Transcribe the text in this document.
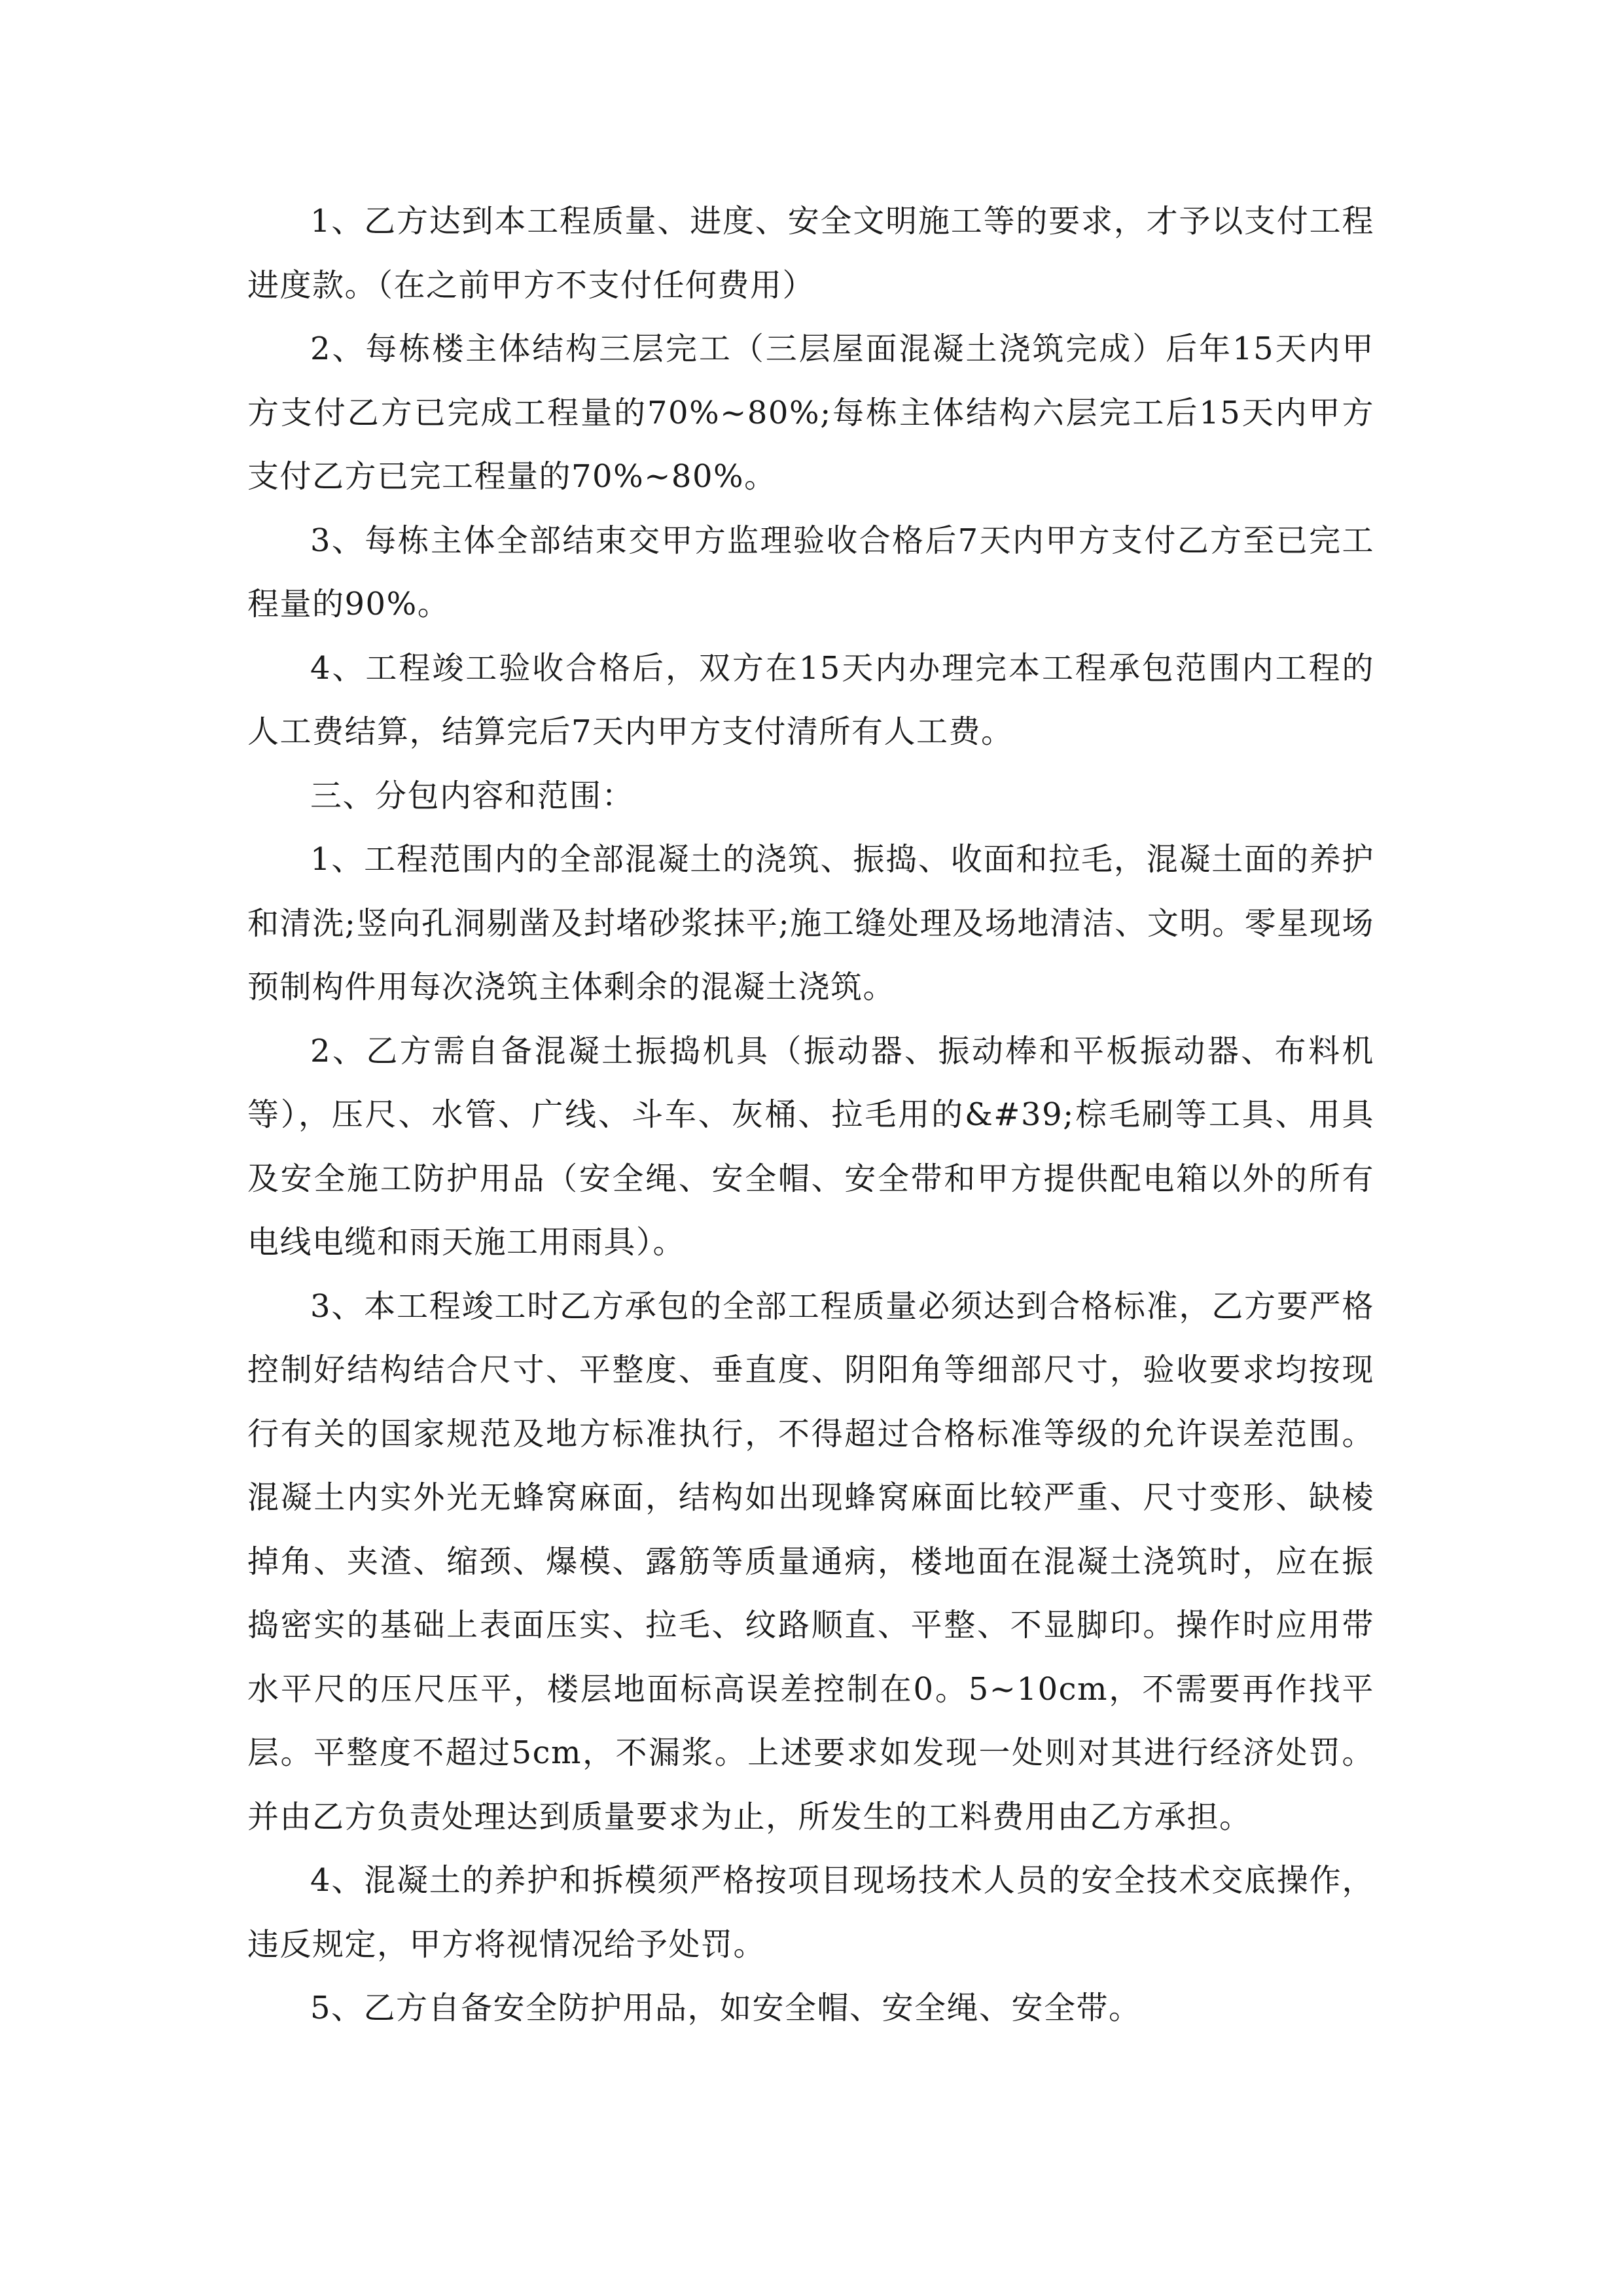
1、乙方达到本工程质量、进度、安全文明施工等的要求，才予以支付工程进度款。（在之前甲方不支付任何费用）

2、每栋楼主体结构三层完工（三层屋面混凝土浇筑完成）后年15天内甲方支付乙方已完成工程量的70%~80%;每栋主体结构六层完工后15天内甲方支付乙方已完工程量的70%~80%。

3、每栋主体全部结束交甲方监理验收合格后7天内甲方支付乙方至已完工程量的90%。

4、工程竣工验收合格后，双方在15天内办理完本工程承包范围内工程的人工费结算，结算完后7天内甲方支付清所有人工费。

三、分包内容和范围：

1、工程范围内的全部混凝土的浇筑、振捣、收面和拉毛，混凝土面的养护和清洗;竖向孔洞剔凿及封堵砂浆抹平;施工缝处理及场地清洁、文明。零星现场预制构件用每次浇筑主体剩余的混凝土浇筑。

2、乙方需自备混凝土振捣机具（振动器、振动棒和平板振动器、布料机等），压尺、水管、广线、斗车、灰桶、拉毛用的&#39;棕毛刷等工具、用具及安全施工防护用品（安全绳、安全帽、安全带和甲方提供配电箱以外的所有电线电缆和雨天施工用雨具）。

3、本工程竣工时乙方承包的全部工程质量必须达到合格标准，乙方要严格控制好结构结合尺寸、平整度、垂直度、阴阳角等细部尺寸，验收要求均按现行有关的国家规范及地方标准执行，不得超过合格标准等级的允许误差范围。混凝土内实外光无蜂窝麻面，结构如出现蜂窝麻面比较严重、尺寸变形、缺棱掉角、夹渣、缩颈、爆模、露筋等质量通病，楼地面在混凝土浇筑时，应在振捣密实的基础上表面压实、拉毛、纹路顺直、平整、不显脚印。操作时应用带水平尺的压尺压平，楼层地面标高误差控制在0。5~10cm，不需要再作找平层。平整度不超过5cm，不漏浆。上述要求如发现一处则对其进行经济处罚。并由乙方负责处理达到质量要求为止，所发生的工料费用由乙方承担。

4、混凝土的养护和拆模须严格按项目现场技术人员的安全技术交底操作，违反规定，甲方将视情况给予处罚。

5、乙方自备安全防护用品，如安全帽、安全绳、安全带。
